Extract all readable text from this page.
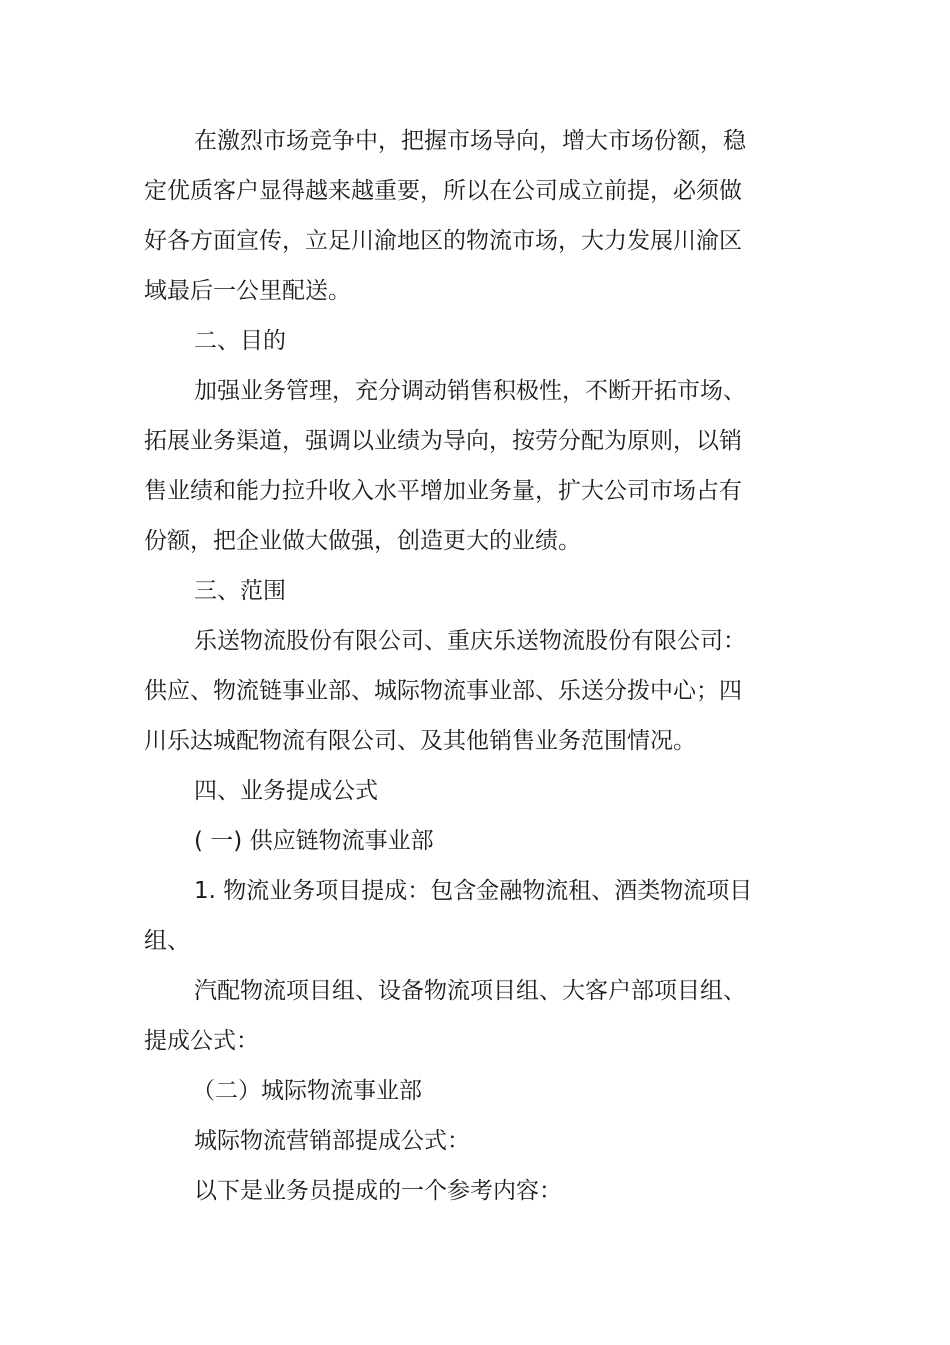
在激烈市场竞争中，把握市场导向，增大市场份额，稳
定优质客户显得越来越重要，所以在公司成立前提，必须做
好各方面宣传，立足川渝地区的物流市场，大力发展川渝区
域最后一公里配送。

二、目的

加强业务管理，充分调动销售积极性，不断开拓市场、
拓展业务渠道，强调以业绩为导向，按劳分配为原则，以销
售业绩和能力拉升收入水平增加业务量，扩大公司市场占有
份额，把企业做大做强，创造更大的业绩。

三、范围

乐送物流股份有限公司、重庆乐送物流股份有限公司：
供应、物流链事业部、城际物流事业部、乐送分拨中心；四
川乐达城配物流有限公司、及其他销售业务范围情况。

四、业务提成公式

( 一) 供应链物流事业部

1. 物流业务项目提成：包含金融物流租、酒类物流项目
组、

汽配物流项目组、设备物流项目组、大客户部项目组、
提成公式：

（二）城际物流事业部

城际物流营销部提成公式：

以下是业务员提成的一个参考内容：
